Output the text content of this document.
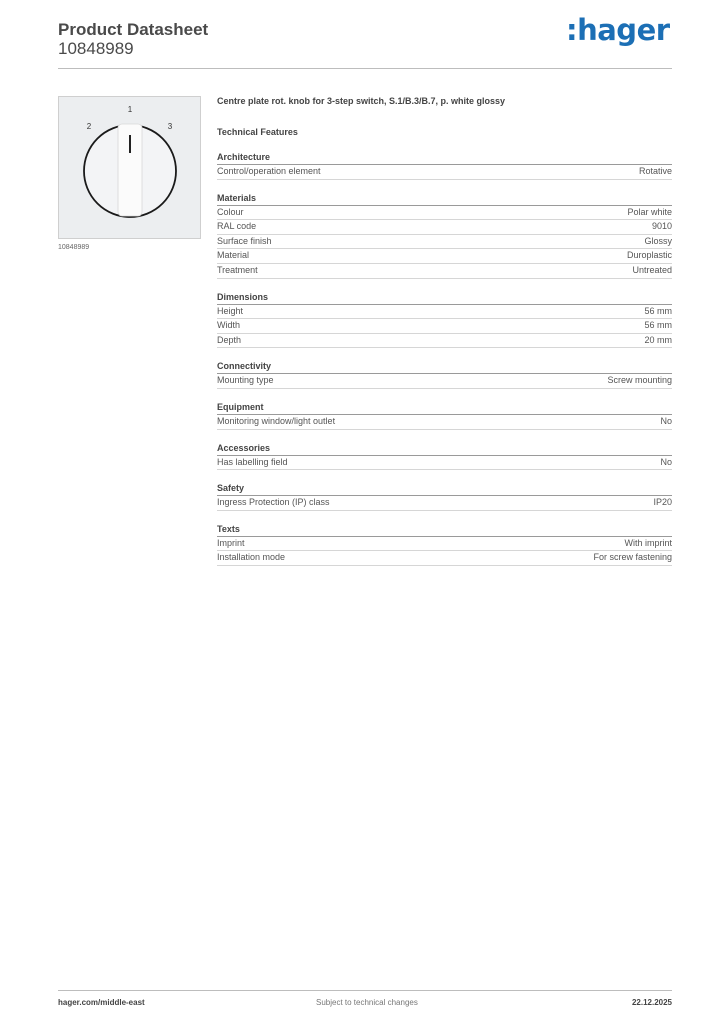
Product Datasheet
10848989
:hager
1
2	3
10848989
Centre plate rot. knob for 3-step switch, S.1/B.3/B.7, p. white glossy
Technical Features
Architecture
Control/operation element	Rotative
Materials
Colour	Polar white
RAL code	9010
Surface finish	Glossy
Material	Duroplastic
Treatment	Untreated
Dimensions
Height	56 mm
Width	56 mm
Depth	20 mm
Connectivity
Mounting type	Screw mounting
Equipment
Monitoring window/light outlet	No
Accessories
Has labelling field	No
Safety
Ingress Protection (IP) class	IP20
Texts
Imprint	With imprint
Installation mode	For screw fastening
hager.com/middle-east	Subject to technical changes	22.12.2025
